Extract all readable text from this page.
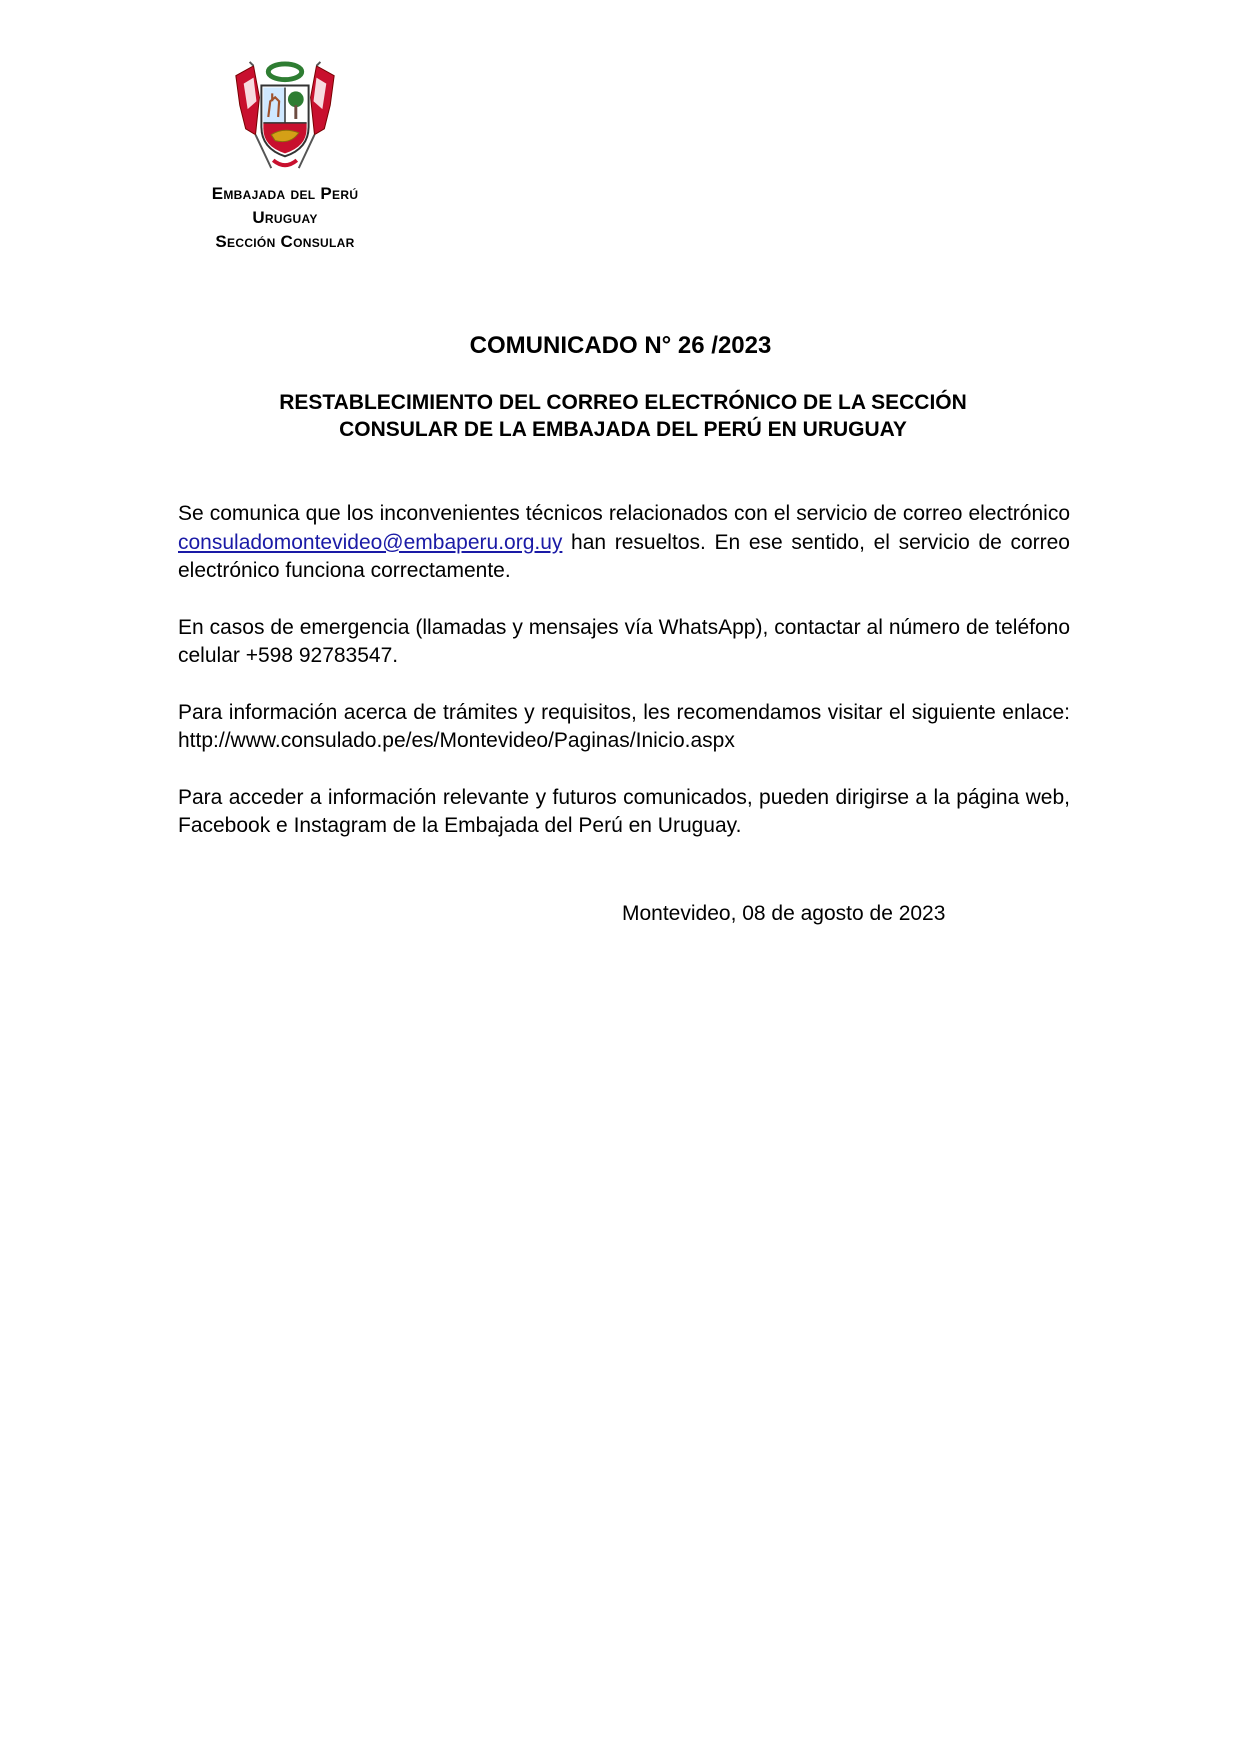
Embajada del Perú
Uruguay
Sección Consular
COMUNICADO N° 26 /2023
RESTABLECIMIENTO DEL CORREO ELECTRÓNICO DE LA SECCIÓN
CONSULAR DE LA EMBAJADA DEL PERÚ EN URUGUAY

Se comunica que los inconvenientes técnicos relacionados con el servicio de correo electrónico consuladomontevideo@embaperu.org.uy han resueltos. En ese sentido, el servicio de correo electrónico funciona correctamente.

En casos de emergencia (llamadas y mensajes vía WhatsApp), contactar al número de teléfono celular +598 92783547.

Para información acerca de trámites y requisitos, les recomendamos visitar el siguiente enlace: http://www.consulado.pe/es/Montevideo/Paginas/Inicio.aspx

Para acceder a información relevante y futuros comunicados, pueden dirigirse a la página web, Facebook e Instagram de la Embajada del Perú en Uruguay.

Montevideo, 08 de agosto de 2023
